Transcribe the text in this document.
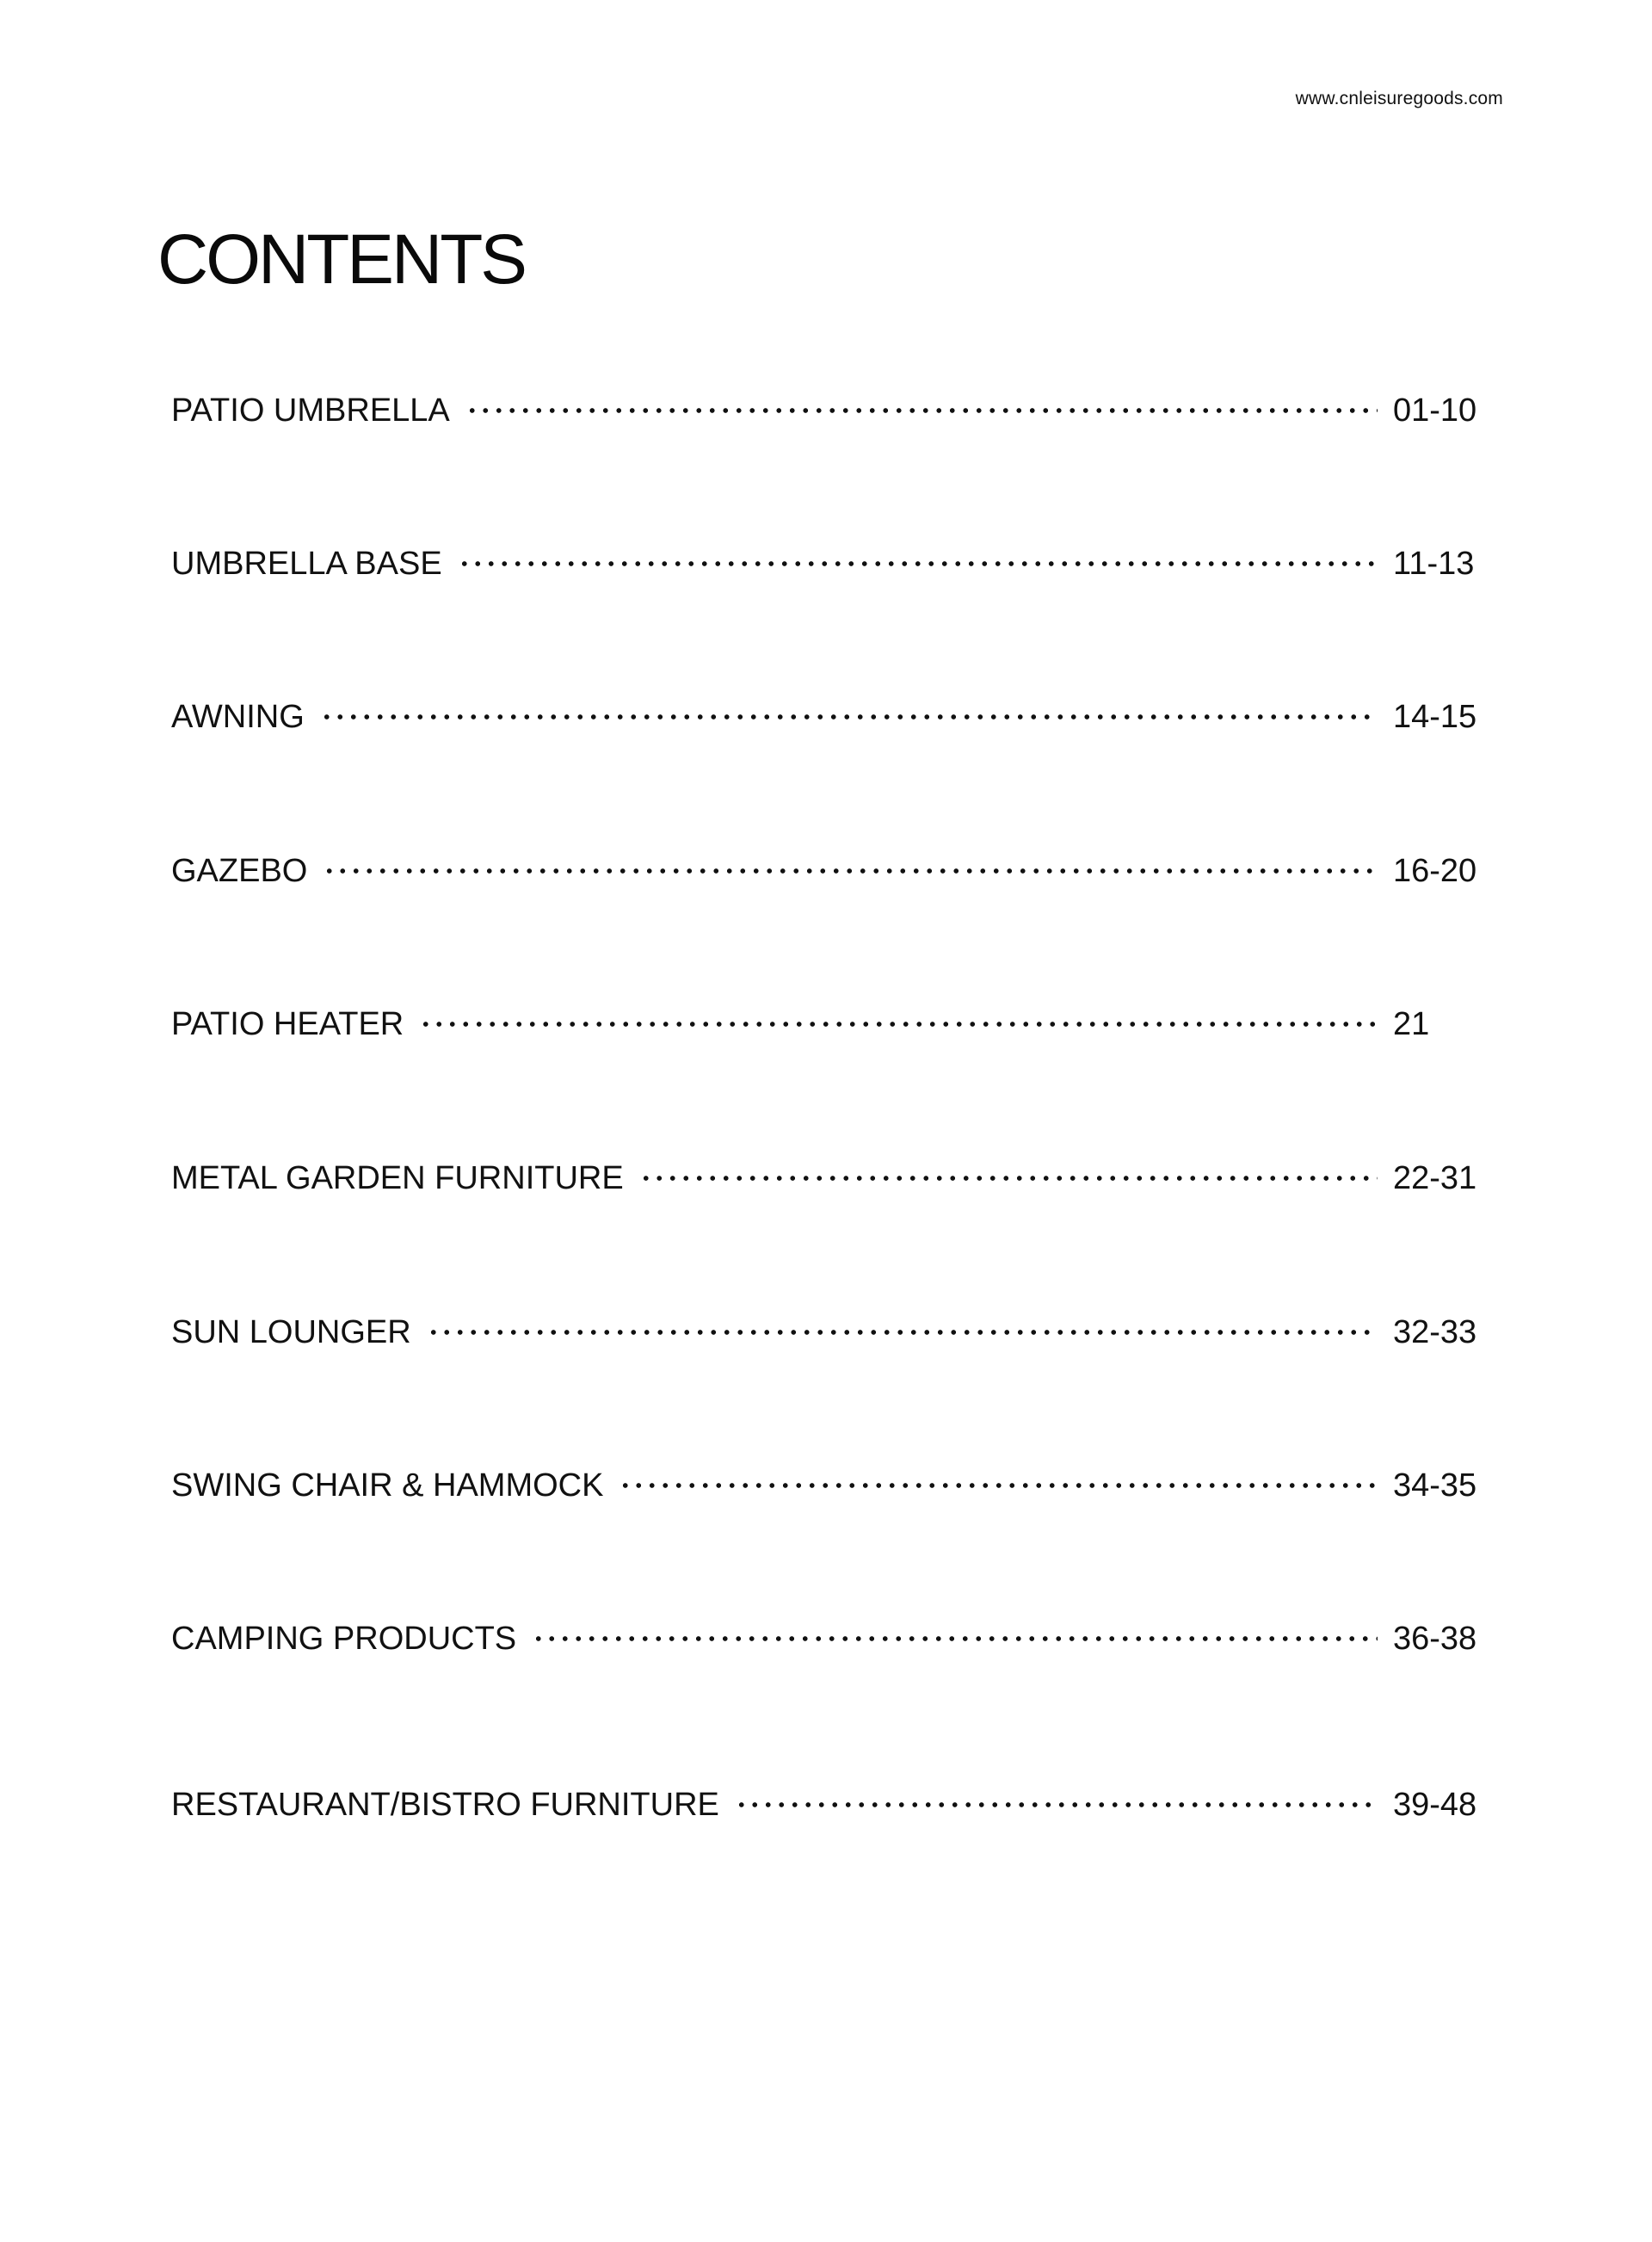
www.cnleisuregoods.com
CONTENTS
PATIO UMBRELLA	01-10
UMBRELLA BASE	11-13
AWNING	14-15
GAZEBO	16-20
PATIO HEATER	21
METAL GARDEN FURNITURE	22-31
SUN LOUNGER	32-33
SWING CHAIR & HAMMOCK	34-35
CAMPING PRODUCTS	36-38
RESTAURANT/BISTRO FURNITURE	39-48
